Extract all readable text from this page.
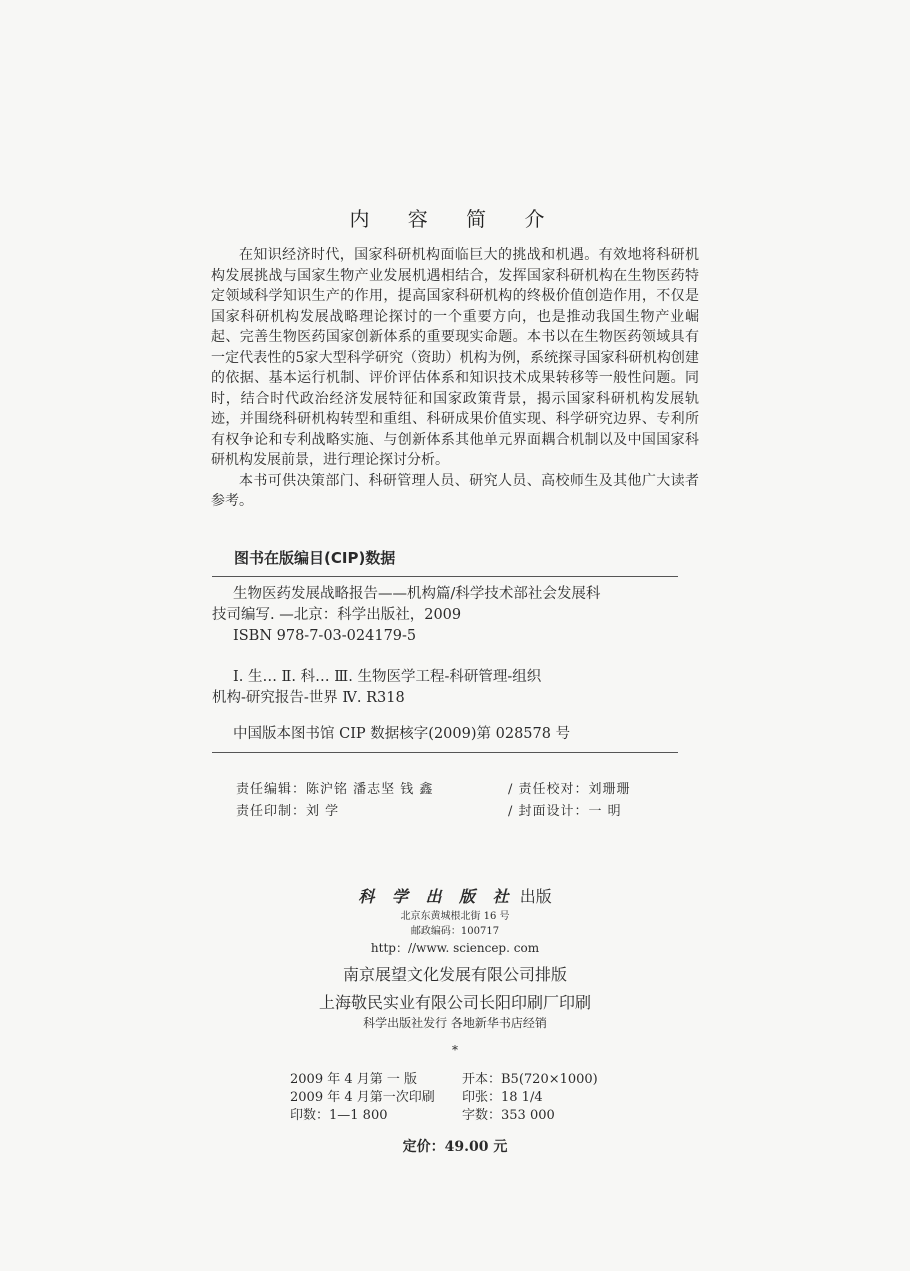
内 容 简 介

在知识经济时代，国家科研机构面临巨大的挑战和机遇。有效地将科研机构发展挑战与国家生物产业发展机遇相结合，发挥国家科研机构在生物医药特定领域科学知识生产的作用，提高国家科研机构的终极价值创造作用，不仅是国家科研机构发展战略理论探讨的一个重要方向，也是推动我国生物产业崛起、完善生物医药国家创新体系的重要现实命题。本书以在生物医药领域具有一定代表性的5家大型科学研究（资助）机构为例，系统探寻国家科研机构创建的依据、基本运行机制、评价评估体系和知识技术成果转移等一般性问题。同时，结合时代政治经济发展特征和国家政策背景，揭示国家科研机构发展轨迹，并围绕科研机构转型和重组、科研成果价值实现、科学研究边界、专利所有权争论和专利战略实施、与创新体系其他单元界面耦合机制以及中国国家科研机构发展前景，进行理论探讨分析。

本书可供决策部门、科研管理人员、研究人员、高校师生及其他广大读者参考。

图书在版编目(CIP)数据

生物医药发展战略报告——机构篇/科学技术部社会发展科

技司编写. —北京：科学出版社，2009

ISBN 978-7-03-024179-5

Ⅰ. 生… Ⅱ. 科… Ⅲ. 生物医学工程-科研管理-组织

机构-研究报告-世界 Ⅳ. R318

中国版本图书馆 CIP 数据核字(2009)第 028578 号

责任编辑：陈沪铭 潘志坚 钱 鑫	/ 责任校对：刘珊珊
责任印制：刘 学	/ 封面设计：一 明
科 学 出 版 社 出版
北京东黄城根北街 16 号
邮政编码：100717
http：//www. sciencep. com
南京展望文化发展有限公司排版
上海敬民实业有限公司长阳印刷厂印刷
科学出版社发行 各地新华书店经销
*
2009 年 4 月第 一 版	开本：B5(720×1000)
2009 年 4 月第一次印刷 印张：18 1/4
印数：1—1 800	字数：353 000
定价：49.00 元
